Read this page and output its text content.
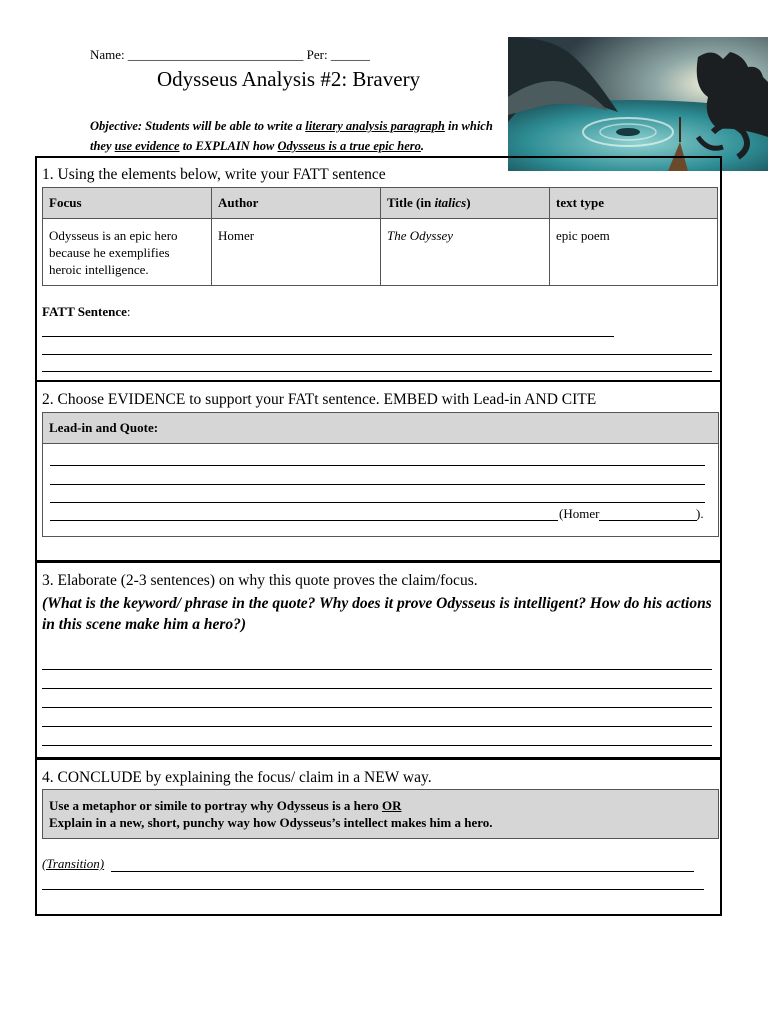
Name: ___________________________ Per: ______
Odysseus Analysis #2: Bravery
Objective: Students will be able to write a literary analysis paragraph in which they use evidence to EXPLAIN how Odysseus is a true epic hero.
1. Using the elements below, write your FATT sentence
Focus	Author	Title (in italics)	text type
Odysseus is an epic hero because he exemplifies heroic intelligence.	Homer	The Odyssey	epic poem
FATT Sentence:
2. Choose EVIDENCE to support your FATt sentence. EMBED with Lead-in AND CITE
Lead-in and Quote:
(Homer	).
3. Elaborate (2-3 sentences) on why this quote proves the claim/focus.
(What is the keyword/ phrase in the quote? Why does it prove Odysseus is intelligent? How do his actions in this scene make him a hero?)
4. CONCLUDE by explaining the focus/ claim in a NEW way.
Use a metaphor or simile to portray why Odysseus is a hero OR
Explain in a new, short, punchy way how Odysseus’s intellect makes him a hero.
(Transition)
